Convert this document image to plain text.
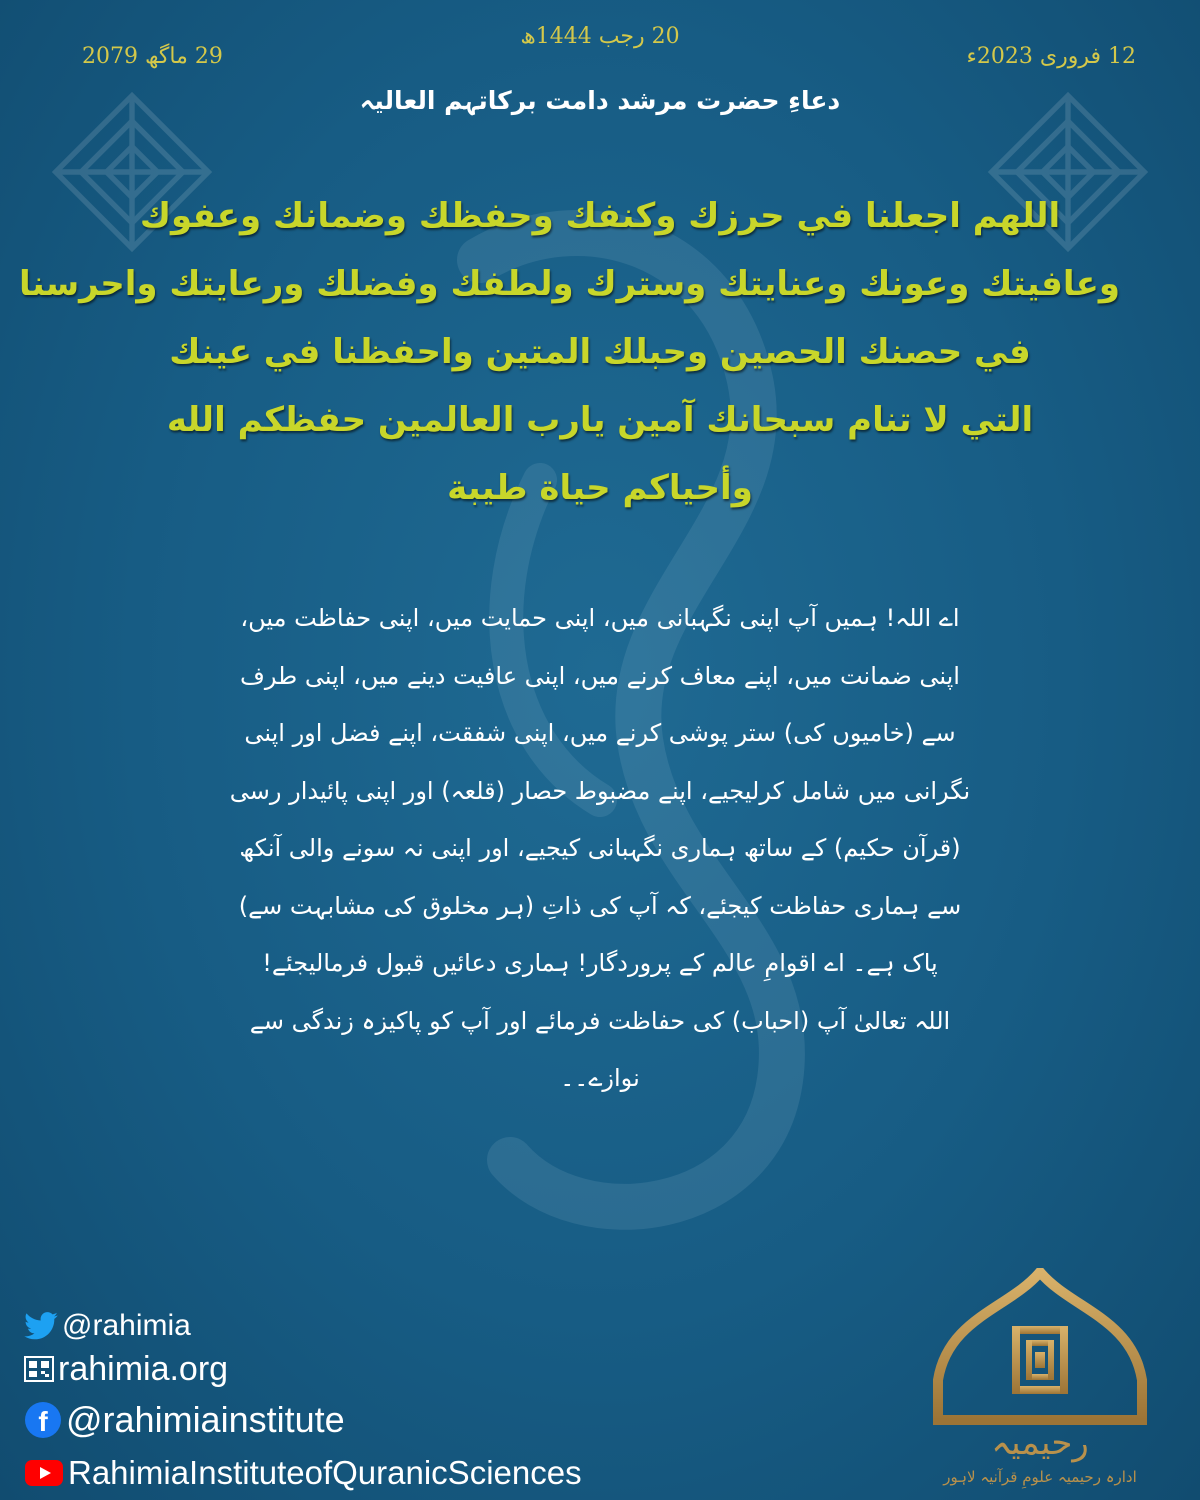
20 رجب 1444ھ
29 ماگھ 2079	12 فروری 2023ء
دعاءِ حضرت مرشد دامت برکاتہم العالیہ
اللهم اجعلنا في حرزك وكنفك وحفظك وضمانك وعفوك
وعافيتك وعونك وعنايتك وسترك ولطفك وفضلك ورعايتك واحرسنا
في حصنك الحصين وحبلك المتين واحفظنا في عينك
التي لا تنام سبحانك آمين يارب العالمين حفظكم الله
وأحياكم حياة طيبة
اے اللہ! ہمیں آپ اپنی نگہبانی میں، اپنی حمایت میں، اپنی حفاظت میں،
اپنی ضمانت میں، اپنے معاف کرنے میں، اپنی عافیت دینے میں، اپنی طرف
سے (خامیوں کی) ستر پوشی کرنے میں، اپنی شفقت، اپنے فضل اور اپنی
نگرانی میں شامل کرلیجیے، اپنے مضبوط حصار (قلعہ) اور اپنی پائیدار رسی
(قرآن حکیم) کے ساتھ ہماری نگہبانی کیجیے، اور اپنی نہ سونے والی آنکھ
سے ہماری حفاظت کیجئے، کہ آپ کی ذاتِ (ہر مخلوق کی مشابہت سے)
پاک ہے۔ اے اقوامِ عالم کے پروردگار! ہماری دعائیں قبول فرمالیجئے!
اللہ تعالیٰ آپ (احباب) کی حفاظت فرمائے اور آپ کو پاکیزہ زندگی سے
نوازے۔۔
@rahimia
rahimia.org
f @rahimiainstitute
RahimiaInstituteofQuranicSciences
رحیمیہ
ادارہ رحیمیہ علومِ قرآنیہ لاہور
